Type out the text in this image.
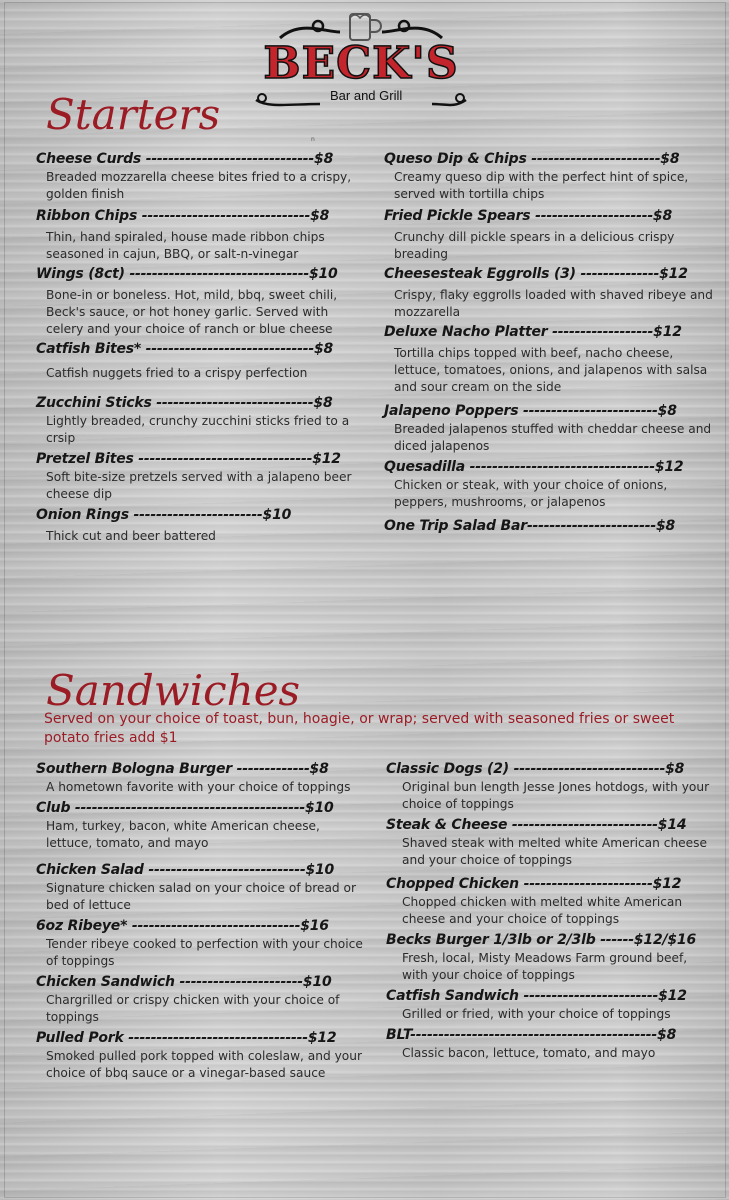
BECK'S
Bar and Grill
Starters
n
Cheese Curds ------------------------------$8
Breaded mozzarella cheese bites fried to a crispy, golden finish
Ribbon Chips ------------------------------$8
Thin, hand spiraled, house made ribbon chips seasoned in cajun, BBQ, or salt-n-vinegar
Wings (8ct) --------------------------------$10
Bone-in or boneless. Hot, mild, bbq, sweet chili, Beck's sauce, or hot honey garlic. Served with celery and your choice of ranch or blue cheese
Catfish Bites* ------------------------------$8
Catfish nuggets fried to a crispy perfection
Zucchini Sticks ----------------------------$8
Lightly breaded, crunchy zucchini sticks fried to a crsip
Pretzel Bites -------------------------------$12
Soft bite-size pretzels served with a jalapeno beer cheese dip
Onion Rings -----------------------$10
Thick cut and beer battered
Queso Dip & Chips -----------------------$8
Creamy queso dip with the perfect hint of spice, served with tortilla chips
Fried Pickle Spears ---------------------$8
Crunchy dill pickle spears in a delicious crispy breading
Cheesesteak Eggrolls (3) --------------$12
Crispy, flaky eggrolls loaded with shaved ribeye and mozzarella
Deluxe Nacho Platter ------------------$12
Tortilla chips topped with beef, nacho cheese, lettuce, tomatoes, onions, and jalapenos with salsa and sour cream on the side
Jalapeno Poppers ------------------------$8
Breaded jalapenos stuffed with cheddar cheese and diced jalapenos
Quesadilla ---------------------------------$12
Chicken or steak, with your choice of onions, peppers, mushrooms, or jalapenos
One Trip Salad Bar-----------------------$8
Sandwiches
Served on your choice of toast, bun, hoagie, or wrap; served with seasoned fries or sweet potato fries add $1
Southern Bologna Burger -------------$8
A hometown favorite with your choice of toppings
Club -----------------------------------------$10
Ham, turkey, bacon, white American cheese, lettuce, tomato, and mayo
Chicken Salad ----------------------------$10
Signature chicken salad on your choice of bread or bed of lettuce
6oz Ribeye* ------------------------------$16
Tender ribeye cooked to perfection with your choice of toppings
Chicken Sandwich ----------------------$10
Chargrilled or crispy chicken with your choice of toppings
Pulled Pork --------------------------------$12
Smoked pulled pork topped with coleslaw, and your choice of bbq sauce or a vinegar-based sauce
Classic Dogs (2) ---------------------------$8
Original bun length Jesse Jones hotdogs, with your choice of toppings
Steak & Cheese --------------------------$14
Shaved steak with melted white American cheese and your choice of toppings
Chopped Chicken -----------------------$12
Chopped chicken with melted white American cheese and your choice of toppings
Becks Burger 1/3lb or 2/3lb ------$12/$16
Fresh, local, Misty Meadows Farm ground beef, with your choice of toppings
Catfish Sandwich ------------------------$12
Grilled or fried, with your choice of toppings
BLT--------------------------------------------$8
Classic bacon, lettuce, tomato, and mayo
